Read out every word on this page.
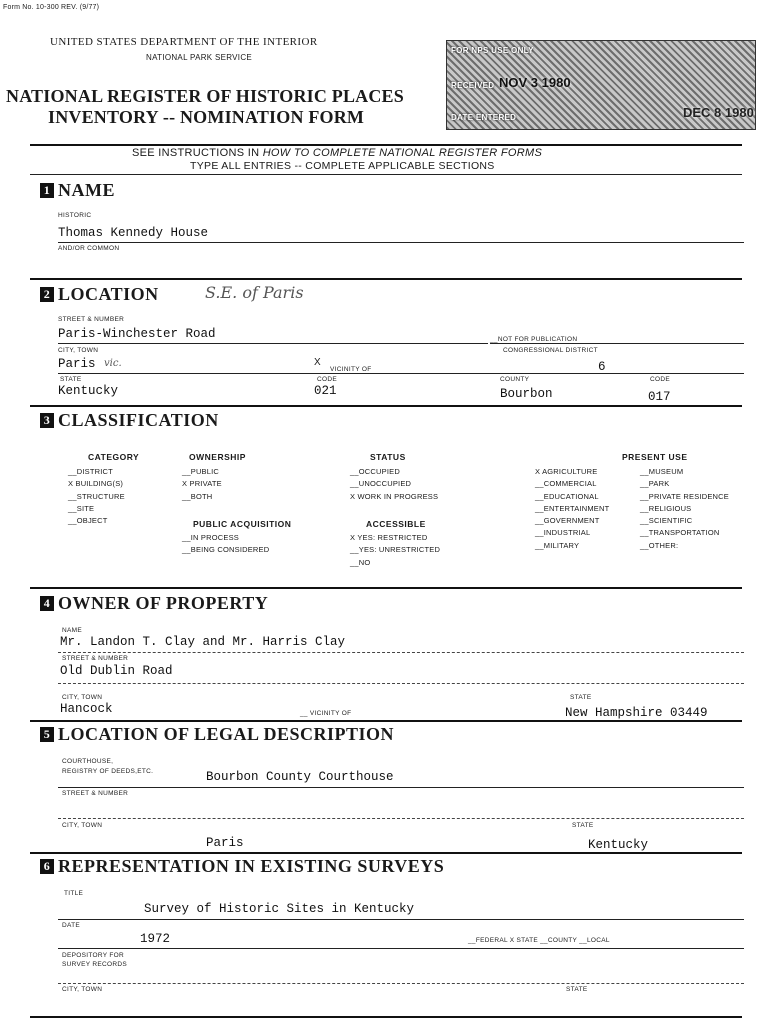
Form No. 10-300 REV. (9/77)
UNITED STATES DEPARTMENT OF THE INTERIOR
NATIONAL PARK SERVICE
NATIONAL REGISTER OF HISTORIC PLACES
INVENTORY -- NOMINATION FORM
FOR NPS USE ONLY
RECEIVED NOV 3 1980
DATE ENTERED	DEC 8 1980
SEE INSTRUCTIONS IN HOW TO COMPLETE NATIONAL REGISTER FORMS
TYPE ALL ENTRIES -- COMPLETE APPLICABLE SECTIONS
1 NAME
HISTORIC
Thomas Kennedy House
AND/OR COMMON
2 LOCATION	S.E. of Paris
STREET & NUMBER
Paris-Winchester Road	__NOT FOR PUBLICATION
CITY, TOWN	CONGRESSIONAL DISTRICT
Paris vic.	X
VICINITY OF	6
STATE	CODE	COUNTY	CODE
Kentucky	021	Bourbon	017
3 CLASSIFICATION
CATEGORY
__DISTRICT
X BUILDING(S)
__STRUCTURE
__SITE
__OBJECT
OWNERSHIP
__PUBLIC
X PRIVATE
__BOTH
PUBLIC ACQUISITION
__IN PROCESS
__BEING CONSIDERED
STATUS
__OCCUPIED
__UNOCCUPIED
X WORK IN PROGRESS
ACCESSIBLE
X YES: RESTRICTED
__YES: UNRESTRICTED
__NO
PRESENT USE
X AGRICULTURE
__COMMERCIAL
__EDUCATIONAL
__ENTERTAINMENT
__GOVERNMENT
__INDUSTRIAL
__MILITARY
__MUSEUM
__PARK
__PRIVATE RESIDENCE
__RELIGIOUS
__SCIENTIFIC
__TRANSPORTATION
__OTHER:
4 OWNER OF PROPERTY
NAME
Mr. Landon T. Clay and Mr. Harris Clay
STREET & NUMBER
Old Dublin Road
CITY, TOWN	STATE
Hancock	__ VICINITY OF	New Hampshire 03449
5 LOCATION OF LEGAL DESCRIPTION
COURTHOUSE,
REGISTRY OF DEEDS,ETC.	Bourbon County Courthouse
STREET & NUMBER
CITY, TOWN	STATE
Paris	Kentucky
6 REPRESENTATION IN EXISTING SURVEYS
TITLE
Survey of Historic Sites in Kentucky
DATE
1972	__FEDERAL X STATE __COUNTY __LOCAL
DEPOSITORY FOR
SURVEY RECORDS
CITY, TOWN	STATE
